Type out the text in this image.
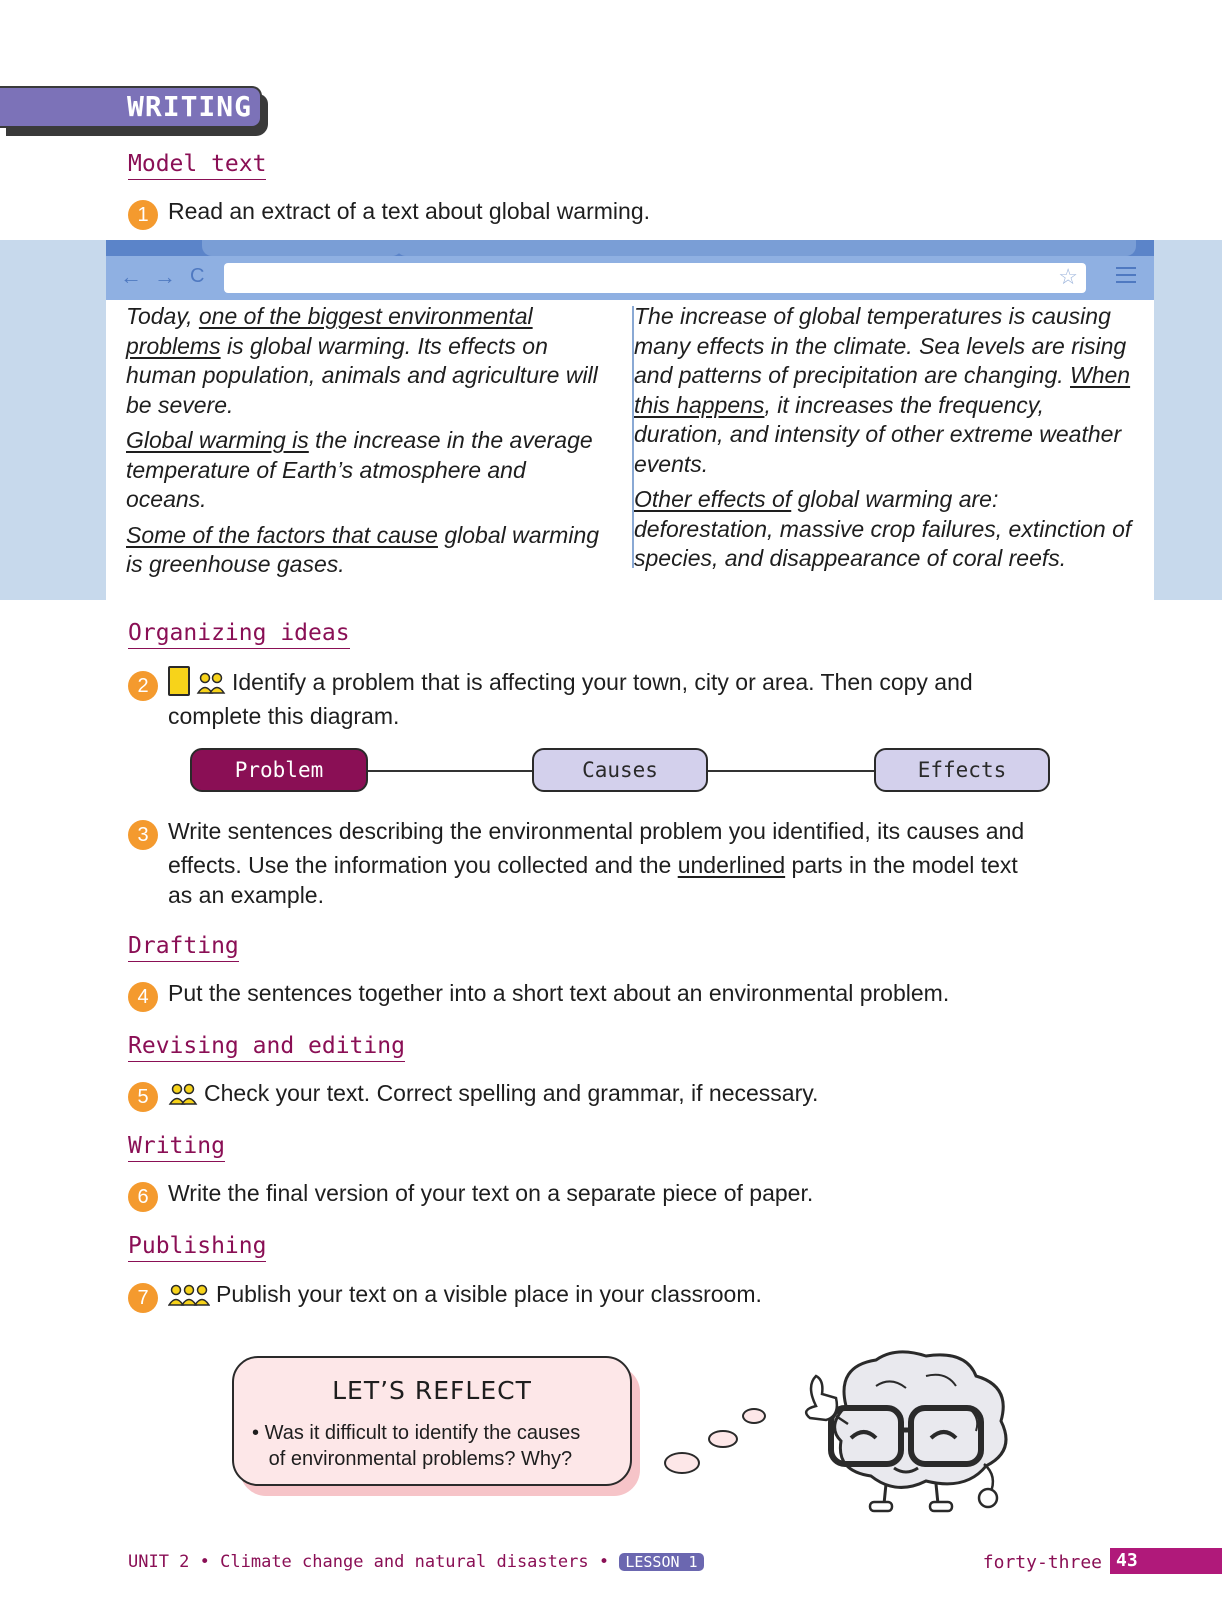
WRITING
Model text
1 Read an extract of a text about global warming.
← → C	☆

Today, one of the biggest environmental problems is global warming. Its effects on human population, animals and agriculture will be severe.

Global warming is the increase in the average temperature of Earth’s atmosphere and oceans.

Some of the factors that cause global warming is greenhouse gases.

The increase of global temperatures is causing many effects in the climate. Sea levels are rising and patterns of precipitation are changing. When this happens, it increases the frequency, duration, and intensity of other extreme weather events.

Other effects of global warming are: deforestation, massive crop failures, extinction of species, and disappearance of coral reefs.

Organizing ideas
2	Identify a problem that is affecting your town, city or area. Then copy and
complete this diagram.
Problem	Causes	Effects
3 Write sentences describing the environmental problem you identified, its causes and
effects. Use the information you collected and the underlined parts in the model text
as an example.
Drafting
4 Put the sentences together into a short text about an environmental problem.
Revising and editing
5 Check your text. Correct spelling and grammar, if necessary.
Writing
6 Write the final version of your text on a separate piece of paper.
Publishing
7	Publish your text on a visible place in your classroom.
LET’S REFLECT
• Was it difficult to identify the causes
of environmental problems? Why?
UNIT 2 • Climate change and natural disasters • LESSON 1	forty-three 43
